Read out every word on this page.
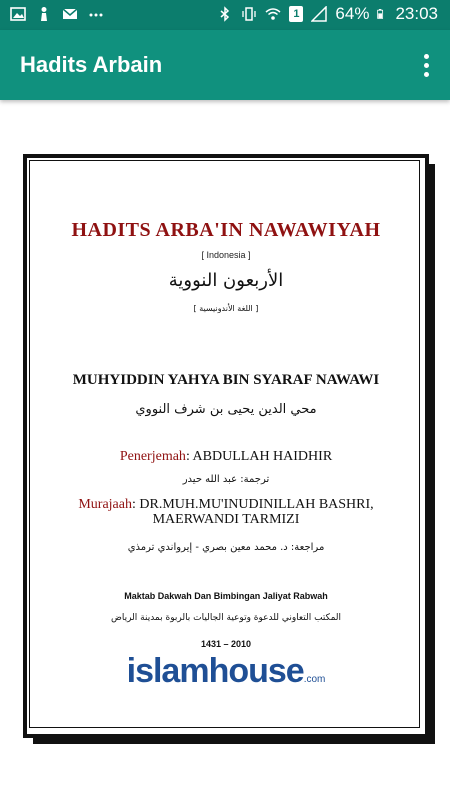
1 64% 23:03
Hadits Arbain
HADITS ARBA'IN NAWAWIYAH
[ Indonesia ]
الأربعون النووية
[ اللغة الأندونيسية ]
MUHYIDDIN YAHYA BIN SYARAF NAWAWI
محي الدين يحيى بن شرف النووي
Penerjemah: ABDULLAH HAIDHIR
ترجمة: عبد الله حيدر
Murajaah: DR.MUH.MU'INUDINILLAH BASHRI,
MAERWANDI TARMIZI
مراجعة: د. محمد معين بصري - إيرواندي ترمذي
Maktab Dakwah Dan Bimbingan Jaliyat Rabwah
المكتب التعاوني للدعوة وتوعية الجاليات بالربوة بمدينة الرياض
1431 – 2010
islamhouse.com
